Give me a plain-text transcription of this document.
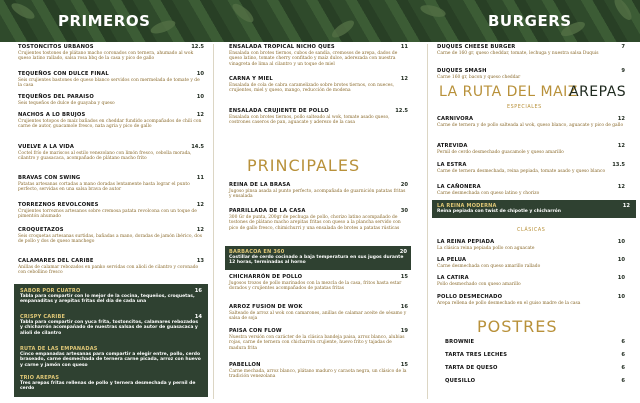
PRIMEROS	BURGERS
TOSTONCITOS URBANOS	12.5
Crujientes tostones de plátano macho coronados con ternera, ahumado al wok queso latino rallado, salsa rosa bbq de la casa y pico de gallo
TEQUEÑOS CON DULCE FINAL	10
Seis crujientes bastones de queso blanco servidos con mermelada de tomate y de la casa
TEQUEÑOS DEL PARAISO	10
Seis tequeños de dulce de guayaba y queso
NACHOS A LO BRUJOS	12
Crujientes totopos de maíz bañados en cheddar fundido acompañados de chili con carne de autor, guacamole fresco, nata agria y pico de gallo
VUELVE A LA VIDA	14.5
Coctel frío de mariscos al estilo venezolano con limón fresco, cebolla morada, cilantro y guasacaca, acompañado de plátano macho frito
BRAVAS CON SWING	11
Patatas artesanas cortadas a mano doradas lentamente hasta lograr el punto perfecto, servidas en una salsa brava de autor
TORREZNOS REVOLCONES	12
Crujientes torreznos artesanos sobre cremosa patata revolcona con un toque de pimentón ahumado
CROQUETAZOS	12
Seis croquetas artesanas surtidas, bañadas a mano, doradas de jamón ibérico, dos de pollo y dos de queso manchego
CALAMARES DEL CARIBE	13
Anillas de calamar rebozados en panko servidas con alioli de cilantro y coronado con cebollino fresco
SABOR POR CUATRO	16
Tabla para compartir con lo mejor de la cocina, tequeños, croquetas, empanaditas y arepitas fritas del día de cada una
CRISPY CARIBE	14
Tabla para compartir con yuca frita, tostoncitos, calamares rebozados y chicharrón acompañado de nuestras salsas de autor de guasacaca y alioli de cilantro
RUTA DE LAS EMPANADAS
Cinco empanadas artesanas para compartir a elegir entre, pollo, cerdo braseado, carne desmechada de ternera carne picada, arroz con huevo y carne y jamón con queso
TRIO AREPAS
Tres arepas fritas rellenas de pollo y ternera desmechada y pernil de cerdo
ENSALADA TROPICAL NICHO QUES	11
Ensalada con brotes tiernos, cubos de sandía, cremosos de arepa, dados de queso latino, tomate cherry confitado y maíz dulce, aderezada con nuestra vinagreta de lima al cilantro y un toque de miel
CARNA Y MIEL	12
Ensalada de cola de cabra caramelizado sobre brotes tiernos, con nueces, crujientes, miel y queso, mango, reducción de modena
ENSALADA CRUJIENTE DE POLLO	12.5
Ensalada con brotes tiernos, pollo salteado al wok, tomate asado queso, costrones caseros de pan, aguacate y aderezo de la casa
PRINCIPALES
REINA DE LA BRASA	20
Jugoso pinsa asada al punto perfecto, acompañada de guarnición patatas fritas y ensalada
PARRILLADA DE LA CASA	30
300 Gr de punta, 200gr de pechuga de pollo, chorizo latino acompañado de tostones de plátano macho arepitas fritas con queso a la plancha servido con pico de gallo fresco, chimichurri y una ensalada de brotes a patatas rústicas
BARBACOA EN 360	20
Costillar de cerdo cocinado a baja temperatura en sus jugos durante 12 horas, terminadas al horno
CHICHARRÓN DE POLLO	15
Jugosos trozos de pollo marinados con la mezcla de la casa, fritos hasta estar dorados y crujientes acompañados de patatas fritas
ARROZ FUSION DE WOK	16
Salteado de arroz al wok con camarones, anillas de calamar aceite de sésamo y salsa de soja
PAISA CON FLOW	19
Nuestra versión con carácter de la clásica bandeja paisa, arroz blanco, alubias rojas, carne de ternera con chicharrón crujiente, huevo frito y tajadas de madura frita
PABELLON	15
Carne mechada, arroz blanco, plátano maduro y caraota negra, un clásico de la tradición venezolana
DUQUES CHEESE BURGER	7
Carne de 160 gr, queso cheddar, tomate, lechuga y nuestra salsa Duquis
DUQUES SMASH	9
Carne 160 gr, bacon y queso cheddar
LA RUTA DEL MAIZ
AREPAS
ESPECIALES
CARNIVORA	12
Carne de ternera y de pollo salteada al wok, queso blanco, aguacate y pico de gallo
ATREVIDA	12
Pernil de cerdo desmechado guacamole y queso amarillo
LA ESTRA	13.5
Carne de ternera desmechada, reina pepiada, tomate asado y queso blanco
LA CAÑONERA	12
Carne desmechada con queso latino y chorizo
LA REINA MODERNA	12
Reina pepiada con twist de chipotle y chicharrón
CLÁSICAS
LA REINA PEPIADA	10
La clásica reina pepiada pollo con aguacate
LA PELUA	10
Carne desmechada con queso amarillo rallado
LA CATIRA	10
Pollo desmechado con queso amarillo
POLLO DESMECHADO	10
Arepa rellena de pollo desmechado en el guiso madre de la casa
POSTRES
BROWNIE	6
TARTA TRES LECHES	6
TARTA DE QUESO	6
QUESILLO	6
